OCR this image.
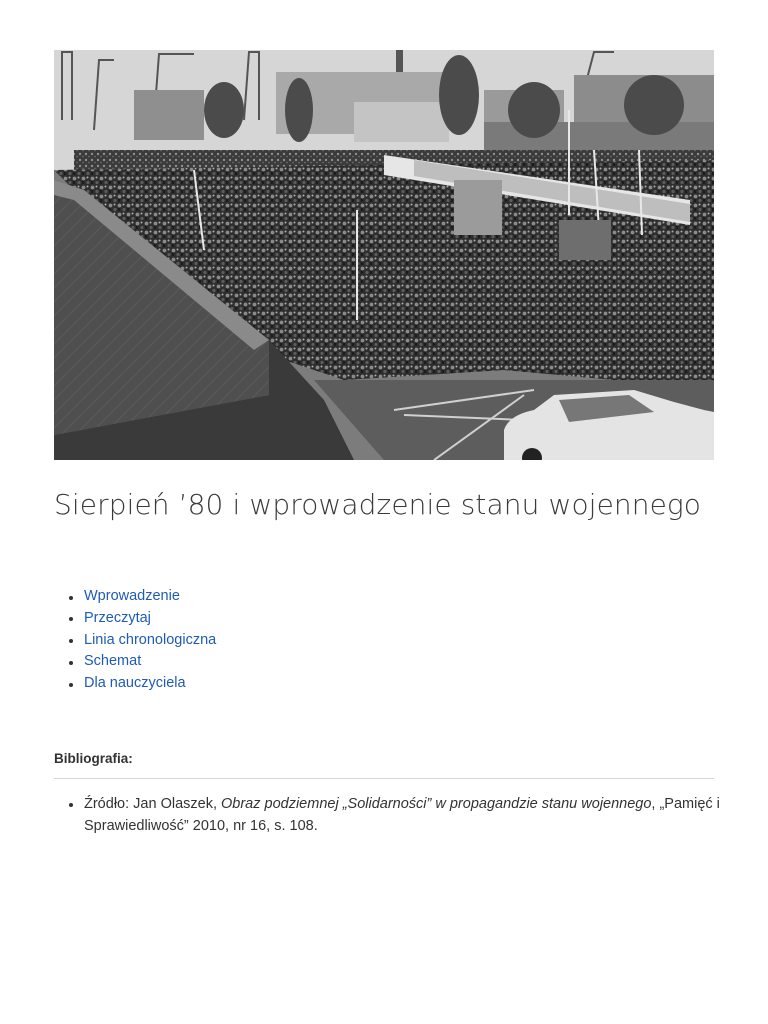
Sierpień ’80 i wprowadzenie stanu wojennego
Wprowadzenie
Przeczytaj
Linia chronologiczna
Schemat
Dla nauczyciela

Bibliografia:

Źródło: Jan Olaszek, Obraz podziemnej „Solidarności” w propagandzie stanu wojennego, „Pamięć i Sprawiedliwość” 2010, nr 16, s. 108.
